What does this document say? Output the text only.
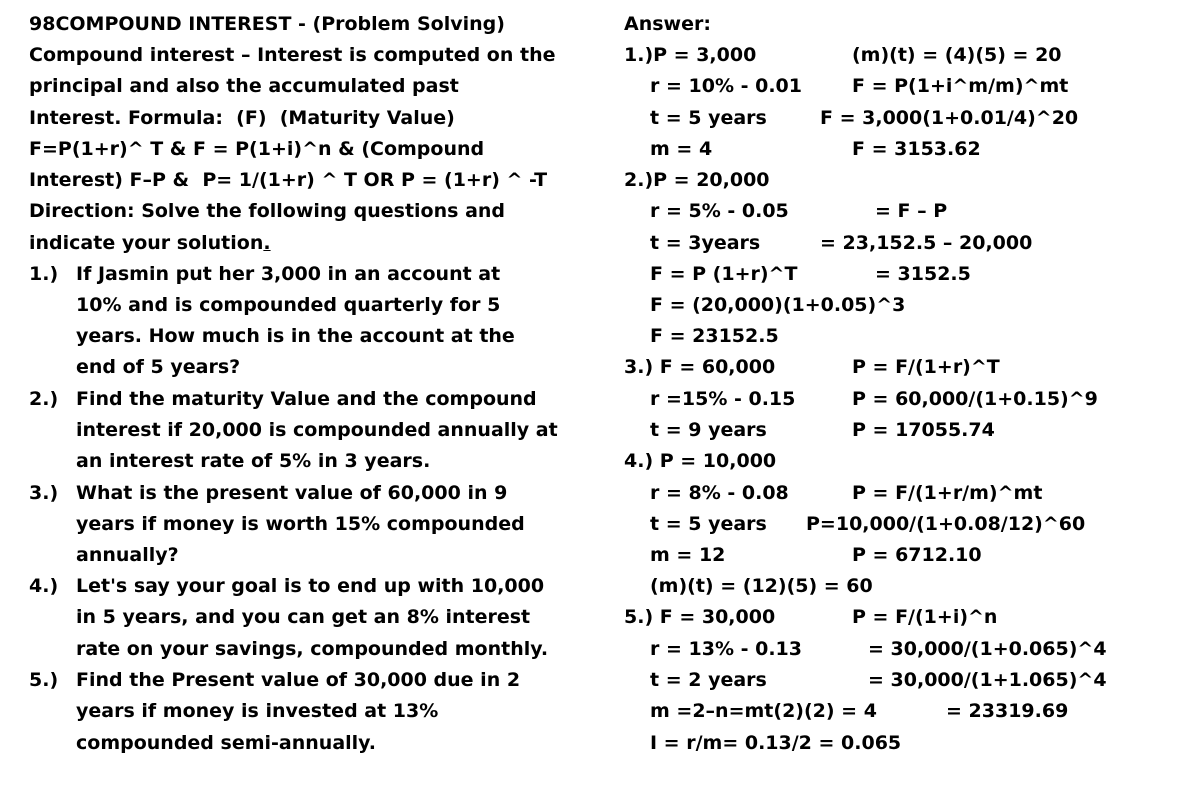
98COMPOUND INTEREST - (Problem Solving)
Compound interest – Interest is computed on the
principal and also the accumulated past
Interest. Formula:  (F)  (Maturity Value)
F=P(1+r)^ T & F = P(1+i)^n & (Compound
Interest) F–P &  P= 1/(1+r) ^ T OR P = (1+r) ^ -T
Direction: Solve the following questions and
indicate your solution.
1.) If Jasmin put her 3,000 in an account at
10% and is compounded quarterly for 5
years. How much is in the account at the
end of 5 years?
2.) Find the maturity Value and the compound
interest if 20,000 is compounded annually at
an interest rate of 5% in 3 years.
3.) What is the present value of 60,000 in 9
years if money is worth 15% compounded
annually?
4.) Let's say your goal is to end up with 10,000
in 5 years, and you can get an 8% interest
rate on your savings, compounded monthly.
5.) Find the Present value of 30,000 due in 2
years if money is invested at 13%
compounded semi-annually.
Answer:
1.)P = 3,000	(m)(t) = (4)(5) = 20
r = 10% - 0.01	F = P(1+i^m/m)^mt
t = 5 years	F = 3,000(1+0.01/4)^20
m = 4	F = 3153.62
2.)P = 20,000
r = 5% - 0.05	= F – P
t = 3years	= 23,152.5 – 20,000
F = P (1+r)^T	= 3152.5
F = (20,000)(1+0.05)^3
F = 23152.5
3.) F = 60,000	P = F/(1+r)^T
r =15% - 0.15	P = 60,000/(1+0.15)^9
t = 9 years	P = 17055.74
4.) P = 10,000
r = 8% - 0.08	P = F/(1+r/m)^mt
t = 5 years P=10,000/(1+0.08/12)^60
m = 12	P = 6712.10
(m)(t) = (12)(5) = 60
5.) F = 30,000	P = F/(1+i)^n
r = 13% - 0.13	= 30,000/(1+0.065)^4
t = 2 years	= 30,000/(1+1.065)^4
m =2–n=mt(2)(2) = 4	= 23319.69
I = r/m= 0.13/2 = 0.065
